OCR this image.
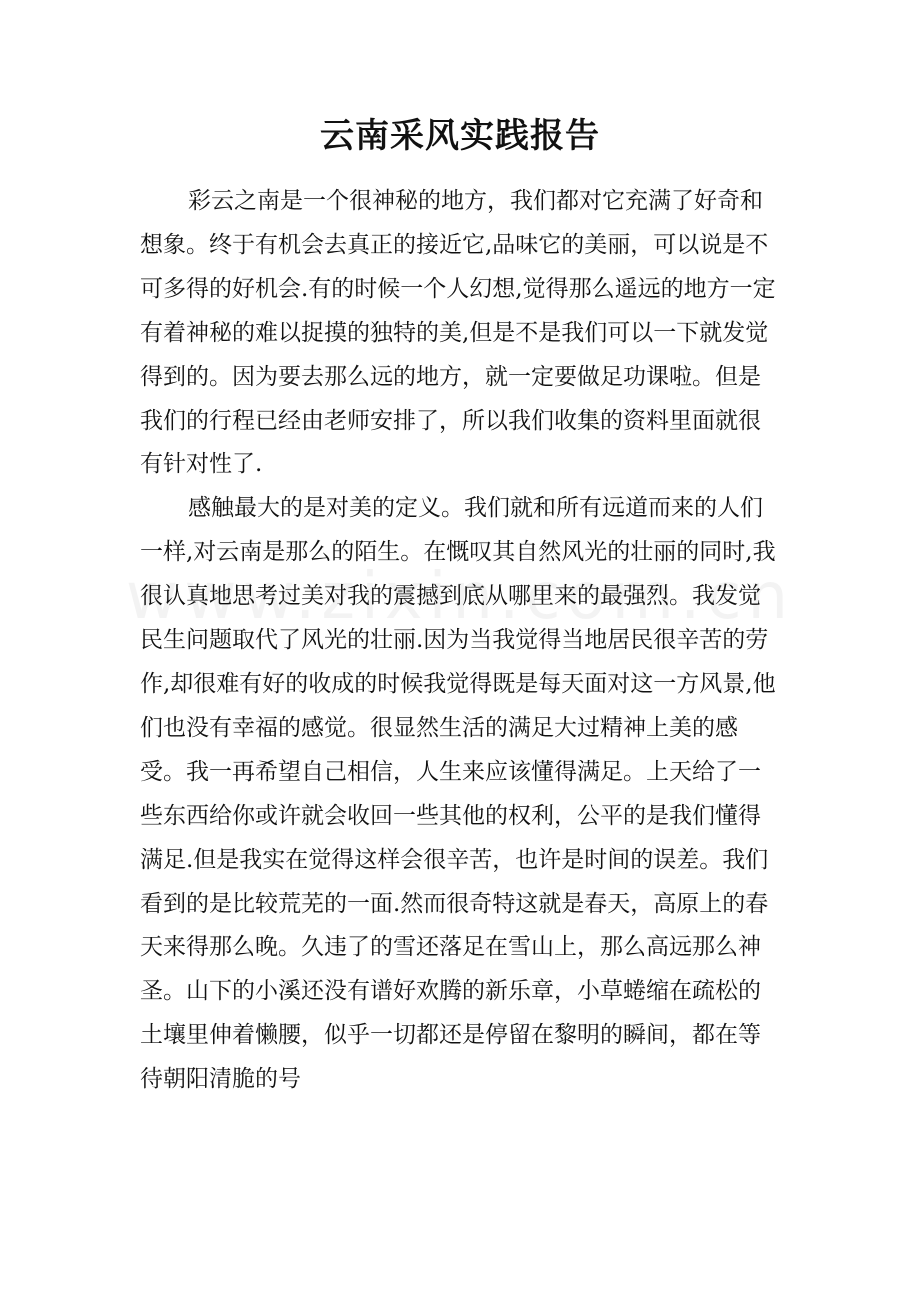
云南采风实践报告

彩云之南是一个很神秘的地方，我们都对它充满了好奇和想象。终于有机会去真正的接近它,品味它的美丽，可以说是不可多得的好机会.有的时候一个人幻想,觉得那么遥远的地方一定有着神秘的难以捉摸的独特的美,但是不是我们可以一下就发觉得到的。因为要去那么远的地方，就一定要做足功课啦。但是我们的行程已经由老师安排了，所以我们收集的资料里面就很有针对性了.

感触最大的是对美的定义。我们就和所有远道而来的人们一样,对云南是那么的陌生。在慨叹其自然风光的壮丽的同时,我很认真地思考过美对我的震撼到底从哪里来的最强烈。我发觉民生问题取代了风光的壮丽.因为当我觉得当地居民很辛苦的劳作,却很难有好的收成的时候我觉得既是每天面对这一方风景,他们也没有幸福的感觉。很显然生活的满足大过精神上美的感受。我一再希望自己相信，人生来应该懂得满足。上天给了一些东西给你或许就会收回一些其他的权利，公平的是我们懂得满足.但是我实在觉得这样会很辛苦，也许是时间的误差。我们看到的是比较荒芜的一面.然而很奇特这就是春天，高原上的春天来得那么晚。久违了的雪还落足在雪山上，那么高远那么神圣。山下的小溪还没有谱好欢腾的新乐章，小草蜷缩在疏松的土壤里伸着懒腰，似乎一切都还是停留在黎明的瞬间，都在等待朝阳清脆的号
